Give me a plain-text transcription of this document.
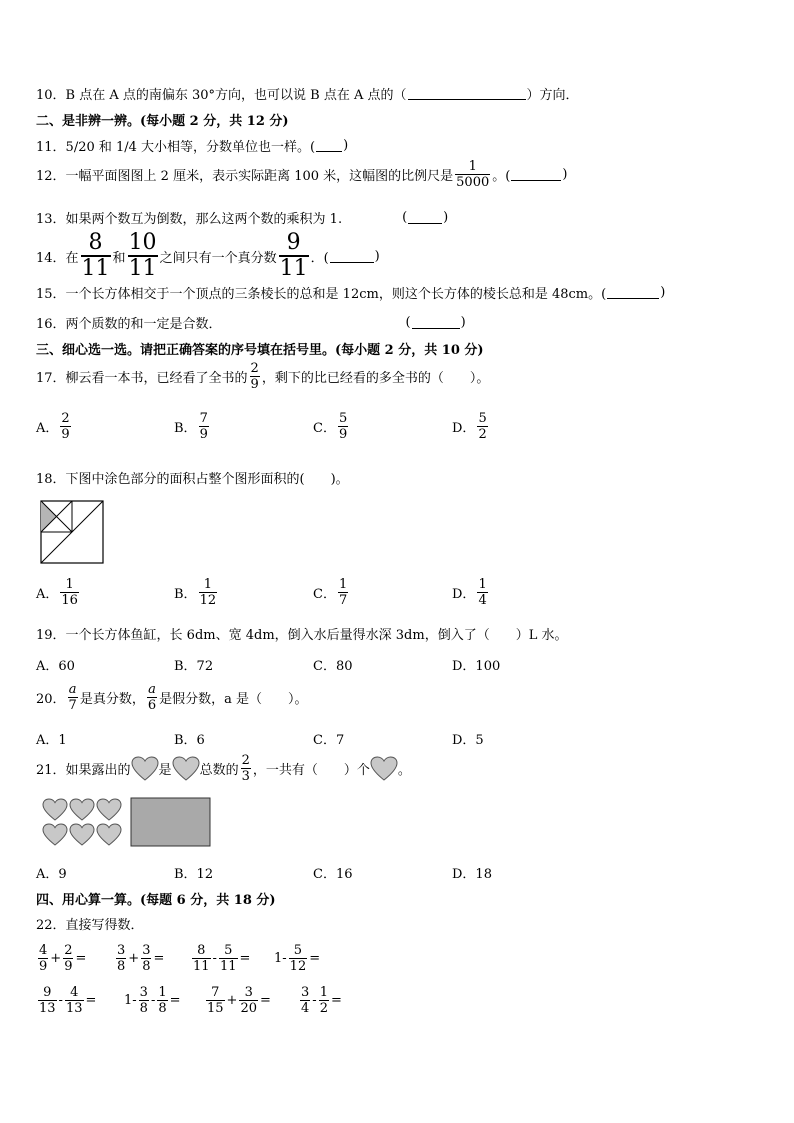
10．B 点在 A 点的南偏东 30°方向，也可以说 B 点在 A 点的（	）方向．
二、是非辨一辨。(每小题 2 分，共 12 分)
11．5/20 和 1/4 大小相等，分数单位也一样。( )
12．一幅平面图图上 2 厘米，表示实际距离 100 米，这幅图的比例尺是 $\frac{1}{5000}$ 。(	)
13．如果两个数互为倒数，那么这两个数的乘积为 1.	(	)
14．在 $\frac{8}{11}$ 和 $\frac{10}{11}$ 之间只有一个真分数 $\frac{9}{11}$ ．(	)
15．一个长方体相交于一个顶点的三条棱长的总和是 12cm，则这个长方体的棱长总和是 48cm。(	)
16．两个质数的和一定是合数．	(	)
三、细心选一选。请把正确答案的序号填在括号里。(每小题 2 分，共 10 分)
17．柳云看一本书，已经看了全书的 $\frac{2}{9}$ ，剩下的比已经看的多全书的（　　）。
A． $\frac{2}{9}$	B． $\frac{7}{9}$	C． $\frac{5}{9}$	D． $\frac{5}{2}$
18．下图中涂色部分的面积占整个图形面积的(　　)。
A． $\frac{1}{16}$	B． $\frac{1}{12}$	C． $\frac{1}{7}$	D． $\frac{1}{4}$
19．一个长方体鱼缸，长 6dm、宽 4dm，倒入水后量得水深 3dm，倒入了（　　）L 水。
A．60	B．72	C．80	D．100
20． $\frac{a}{7}$ 是真分数， $\frac{a}{6}$ 是假分数，a 是（　　）。
A．1	B．6	C．7	D．5
21．如果露出的 是 总数的 $\frac{2}{3}$ ，一共有（　　）个 。
A．9	B．12	C．16	D．18
四、用心算一算。(每题 6 分，共 18 分)
22．直接写得数．
$\frac{4}{9} + \frac{2}{9} = \frac{3}{8} + \frac{3}{8} = \frac{8}{11} - \frac{5}{11} = 1- \frac{5}{12}$ =
$\frac{9}{13} - \frac{4}{13} = 1- \frac{3}{8} - \frac{1}{8} = \frac{7}{15} + \frac{3}{20} = \frac{3}{4} - \frac{1}{2}$ =
